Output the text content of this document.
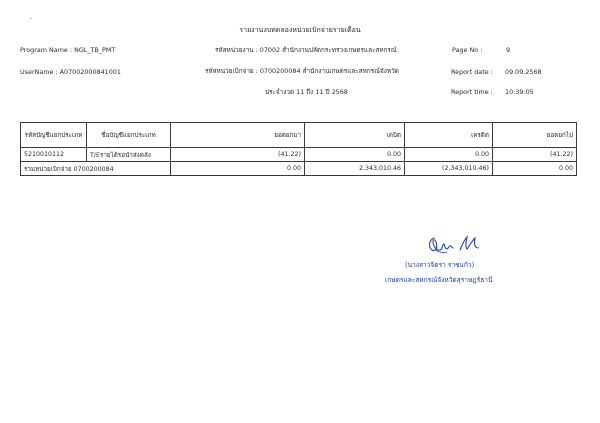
รายงานงบทดลองหน่วยเบิกจ่ายรายเดือน
Program Name : NGL_TB_PMT
UserName : A07002000841001
รหัสหน่วยงาน : 07002 สำนักงานปลัดกระทรวงเกษตรและสหกรณ์
รหัสหน่วยเบิกจ่าย : 0700200084 สำนักงานเกษตรและสหกรณ์จังหวัด
ประจำงวด 11 ถึง 11 ปี 2568
Page No :	9
Report date : 09.09.2568
Report time : 10:39:05
รหัสบัญชีแยกประเภท	ชื่อบัญชีแยกประเภท	ยอดยกมา	เดบิต	เครดิต	ยอดยกไป
5210010112	T/Eรายได้รอนำส่งคลัง	(41.22)	0.00	0.00	(41.22)
รวมหน่วยเบิกจ่าย 0700200084		0.00	2,343,010.46	(2,343,010.46)	0.00
(นางสาวจิตรา ราชแก้ว)
เกษตรและสหกรณ์จังหวัดสุราษฎร์ธานี
